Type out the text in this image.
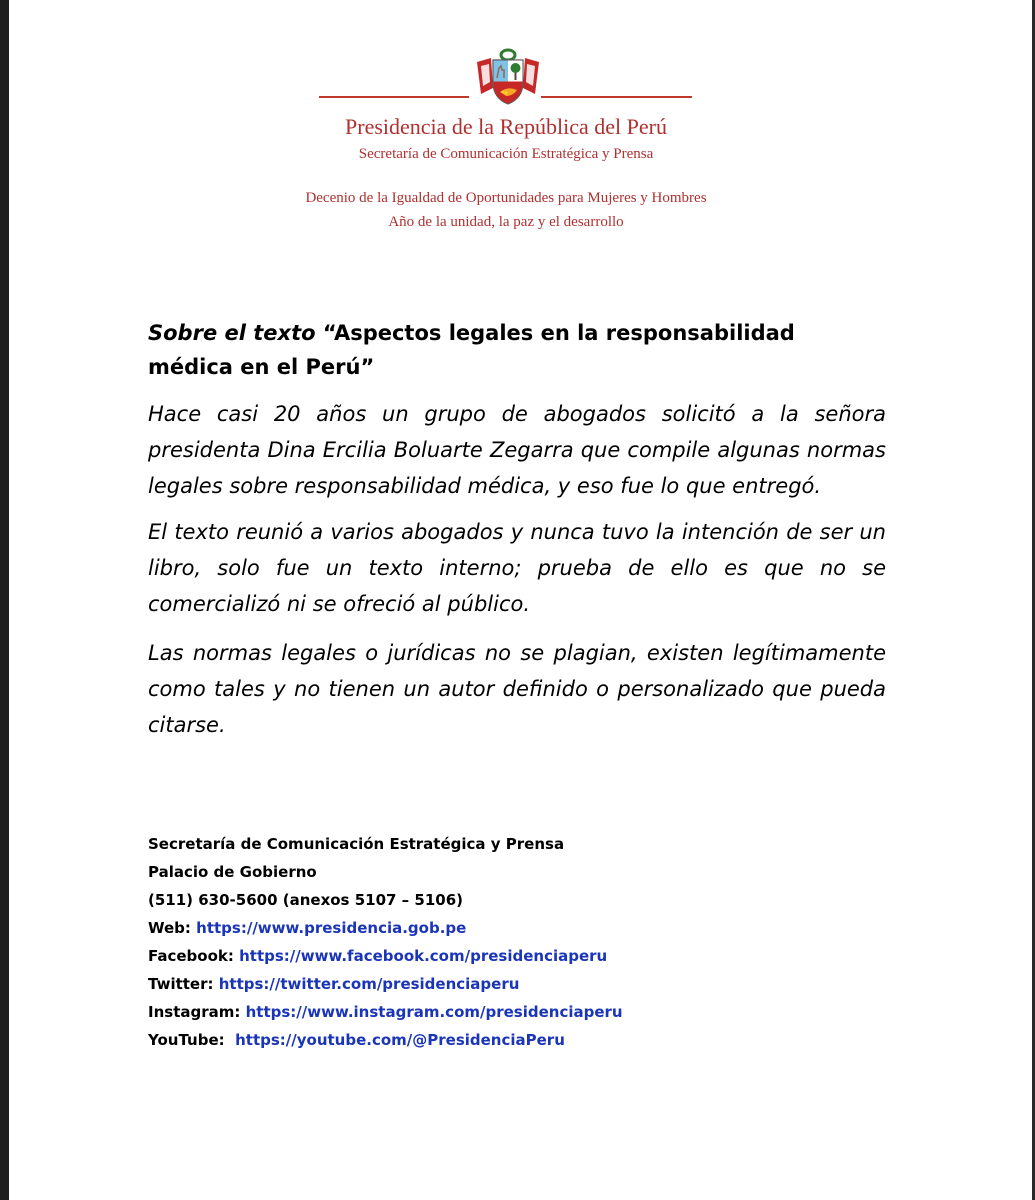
Presidencia de la República del Perú
Secretaría de Comunicación Estratégica y Prensa
Decenio de la Igualdad de Oportunidades para Mujeres y Hombres
Año de la unidad, la paz y el desarrollo
Sobre el texto “Aspectos legales en la responsabilidad médica en el Perú”

Hace casi 20 años un grupo de abogados solicitó a la señora presidenta Dina Ercilia Boluarte Zegarra que compile algunas normas legales sobre responsabilidad médica, y eso fue lo que entregó.

El texto reunió a varios abogados y nunca tuvo la intención de ser un libro, solo fue un texto interno; prueba de ello es que no se comercializó ni se ofreció al público.

Las normas legales o jurídicas no se plagian, existen legítimamente como tales y no tienen un autor definido o personalizado que pueda citarse.

Secretaría de Comunicación Estratégica y Prensa
Palacio de Gobierno
(511) 630-5600 (anexos 5107 – 5106)
Web: https://www.presidencia.gob.pe
Facebook: https://www.facebook.com/presidenciaperu
Twitter: https://twitter.com/presidenciaperu
Instagram: https://www.instagram.com/presidenciaperu
YouTube:  https://youtube.com/@PresidenciaPeru
